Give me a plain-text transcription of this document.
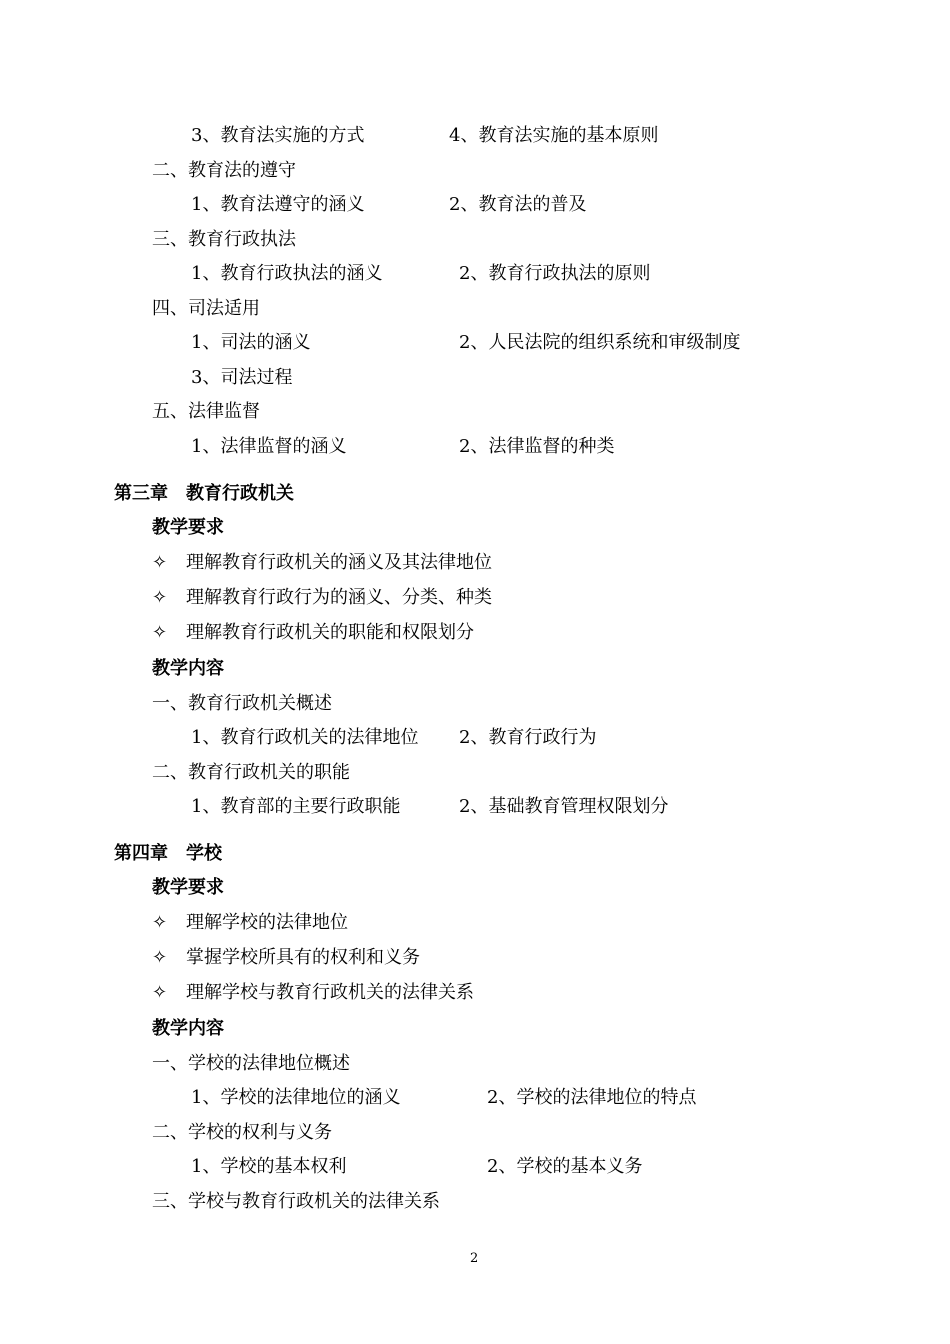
3、教育法实施的方式	4、教育法实施的基本原则
二、教育法的遵守
1、教育法遵守的涵义	2、教育法的普及
三、教育行政执法
1、教育行政执法的涵义	2、教育行政执法的原则
四、司法适用
1、司法的涵义	2、人民法院的组织系统和审级制度
3、司法过程
五、法律监督
1、法律监督的涵义	2、法律监督的种类
第三章　教育行政机关
教学要求
✧ 理解教育行政机关的涵义及其法律地位
✧ 理解教育行政行为的涵义、分类、种类
✧ 理解教育行政机关的职能和权限划分
教学内容
一、教育行政机关概述
1、教育行政机关的法律地位 2、教育行政行为
二、教育行政机关的职能
1、教育部的主要行政职能	2、基础教育管理权限划分
第四章　学校
教学要求
✧ 理解学校的法律地位
✧ 掌握学校所具有的权利和义务
✧ 理解学校与教育行政机关的法律关系
教学内容
一、学校的法律地位概述
1、学校的法律地位的涵义	2、学校的法律地位的特点
二、学校的权利与义务
1、学校的基本权利	2、学校的基本义务
三、学校与教育行政机关的法律关系
2
